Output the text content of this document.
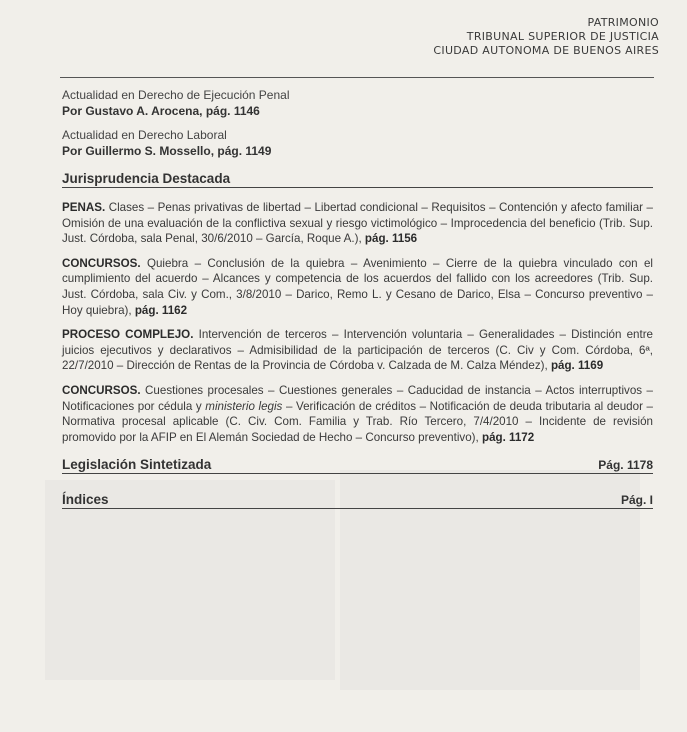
PATRIMONIO
TRIBUNAL SUPERIOR DE JUSTICIA
CIUDAD AUTONOMA DE BUENOS AIRES
Actualidad en Derecho de Ejecución Penal
Por Gustavo A. Arocena, pág. 1146
Actualidad en Derecho Laboral
Por Guillermo S. Mossello, pág. 1149
Jurisprudencia Destacada
PENAS. Clases – Penas privativas de libertad – Libertad condicional – Requisitos – Contención y afecto familiar – Omisión de una evaluación de la conflictiva sexual y riesgo victimológico – Improcedencia del beneficio (Trib. Sup. Just. Córdoba, sala Penal, 30/6/2010 – García, Roque A.), pág. 1156
CONCURSOS. Quiebra – Conclusión de la quiebra – Avenimiento – Cierre de la quiebra vinculado con el cumplimiento del acuerdo – Alcances y competencia de los acuerdos del fallido con los acreedores (Trib. Sup. Just. Córdoba, sala Civ. y Com., 3/8/2010 – Darico, Remo L. y Cesano de Darico, Elsa – Concurso preventivo – Hoy quiebra), pág. 1162
PROCESO COMPLEJO. Intervención de terceros – Intervención voluntaria – Generalidades – Distinción entre juicios ejecutivos y declarativos – Admisibilidad de la participación de terceros (C. Civ y Com. Córdoba, 6ª, 22/7/2010 – Dirección de Rentas de la Provincia de Córdoba v. Calzada de M. Calza Méndez), pág. 1169
CONCURSOS. Cuestiones procesales – Cuestiones generales – Caducidad de instancia – Actos interruptivos – Notificaciones por cédula y ministerio legis – Verificación de créditos – Notificación de deuda tributaria al deudor – Normativa procesal aplicable (C. Civ. Com. Familia y Trab. Río Tercero, 7/4/2010 – Incidente de revisión promovido por la AFIP en El Alemán Sociedad de Hecho – Concurso preventivo), pág. 1172
Legislación Sintetizada	Pág. 1178
Índices	Pág. I
